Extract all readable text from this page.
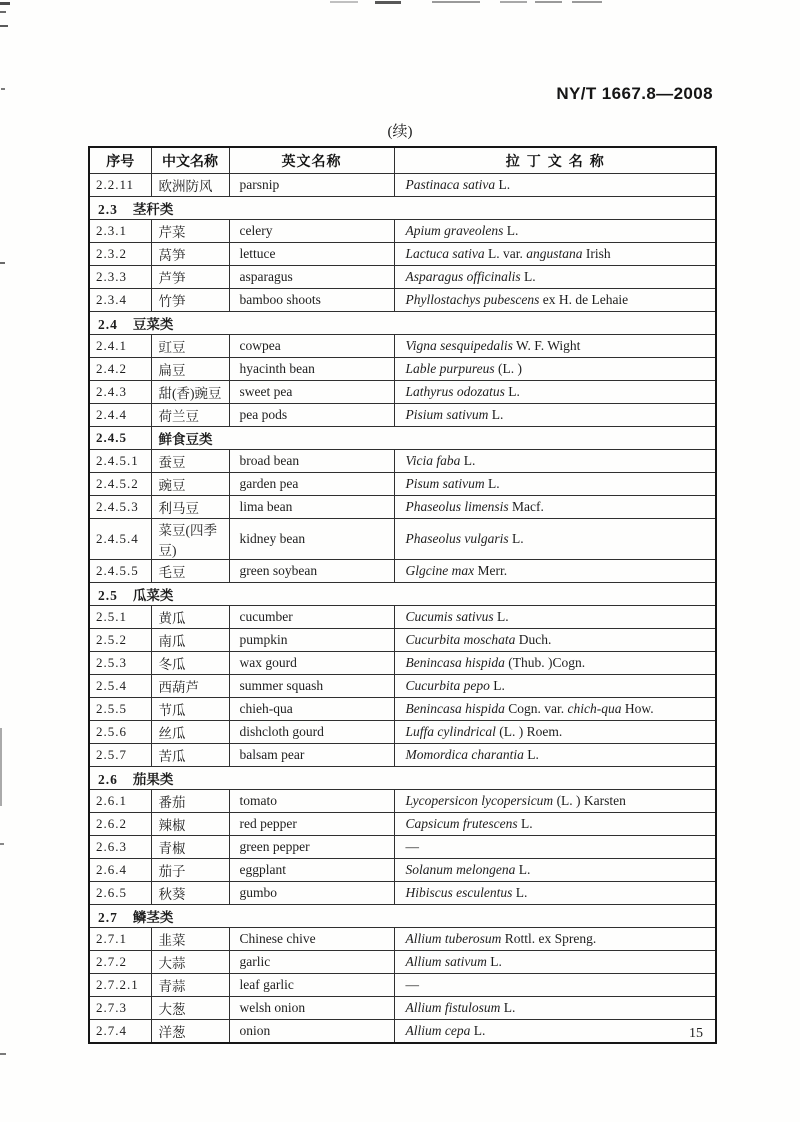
NY/T 1667.8—2008
(续)
序号	中文名称	英文名称	拉丁文名称
2.2.11	欧洲防风	parsnip	Pastinaca sativa L.
2.3 茎秆类			
2.3.1	芹菜	celery	Apium graveolens L.
2.3.2	莴笋	lettuce	Lactuca sativa L. var. angustana Irish
2.3.3	芦笋	asparagus	Asparagus officinalis L.
2.3.4	竹笋	bamboo shoots	Phyllostachys pubescens ex H. de Lehaie
2.4 豆菜类			
2.4.1	豇豆	cowpea	Vigna sesquipedalis W. F. Wight
2.4.2	扁豆	hyacinth bean	Lable purpureus (L. )
2.4.3	甜(香)豌豆	sweet pea	Lathyrus odozatus L.
2.4.4	荷兰豆	pea pods	Pisium sativum L.
2.4.5	鲜食豆类		
2.4.5.1	蚕豆	broad bean	Vicia faba L.
2.4.5.2	豌豆	garden pea	Pisum sativum L.
2.4.5.3	利马豆	lima bean	Phaseolus limensis Macf.
2.4.5.4	菜豆(四季豆)	kidney bean	Phaseolus vulgaris L.
2.4.5.5	毛豆	green soybean	Glgcine max Merr.
2.5 瓜菜类			
2.5.1	黄瓜	cucumber	Cucumis sativus L.
2.5.2	南瓜	pumpkin	Cucurbita moschata Duch.
2.5.3	冬瓜	wax gourd	Benincasa hispida (Thub. )Cogn.
2.5.4	西葫芦	summer squash	Cucurbita pepo L.
2.5.5	节瓜	chieh-qua	Benincasa hispida Cogn. var. chich-qua How.
2.5.6	丝瓜	dishcloth gourd	Luffa cylindrical (L. ) Roem.
2.5.7	苦瓜	balsam pear	Momordica charantia L.
2.6 茄果类			
2.6.1	番茄	tomato	Lycopersicon lycopersicum (L. ) Karsten
2.6.2	辣椒	red pepper	Capsicum frutescens L.
2.6.3	青椒	green pepper	—
2.6.4	茄子	eggplant	Solanum melongena L.
2.6.5	秋葵	gumbo	Hibiscus esculentus L.
2.7 鳞茎类			
2.7.1	韭菜	Chinese chive	Allium tuberosum Rottl. ex Spreng.
2.7.2	大蒜	garlic	Allium sativum L.
2.7.2.1	青蒜	leaf garlic	—
2.7.3	大葱	welsh onion	Allium fistulosum L.
2.7.4	洋葱	onion	Allium cepa L.	15
